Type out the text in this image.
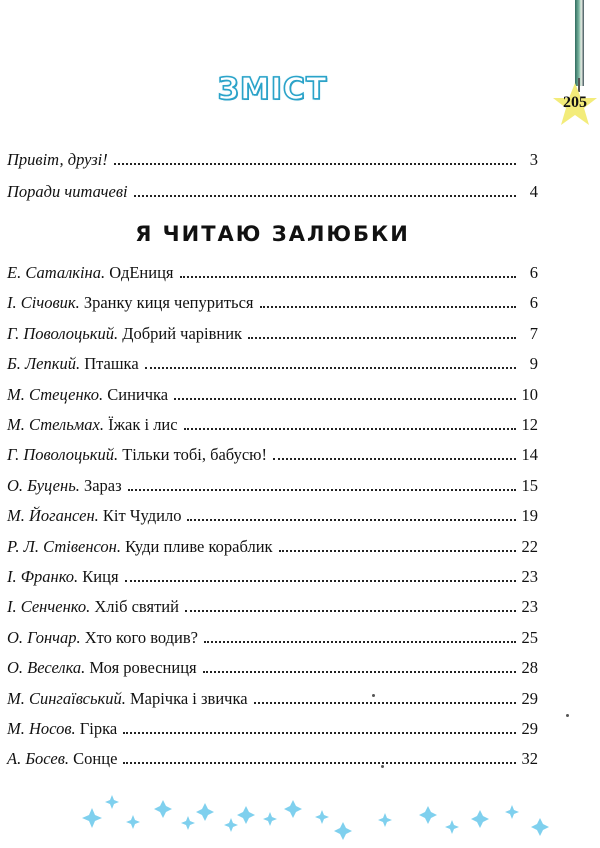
205
ЗМІСТ
Привіт, друзі!	3
Поради читачеві	4
Я ЧИТАЮ ЗАЛЮБКИ
Е. Саталкіна. ОдЕниця	6
І. Січовик. Зранку киця чепуриться	6
Г. Поволоцький. Добрий чарівник	7
Б. Лепкий. Пташка	9
М. Стеценко. Синичка	10
М. Стельмах. Їжак і лис	12
Г. Поволоцький. Тільки тобі, бабусю!	14
О. Буцень. Зараз	15
М. Йогансен. Кіт Чудило	19
Р. Л. Стівенсон. Куди пливе кораблик	22
І. Франко. Киця	23
І. Сенченко. Хліб святий	23
О. Гончар. Хто кого водив?	25
О. Веселка. Моя ровесниця	28
М. Сингаївський. Марічка і звичка	29
М. Носов. Гірка	29
А. Босев. Сонце	32
